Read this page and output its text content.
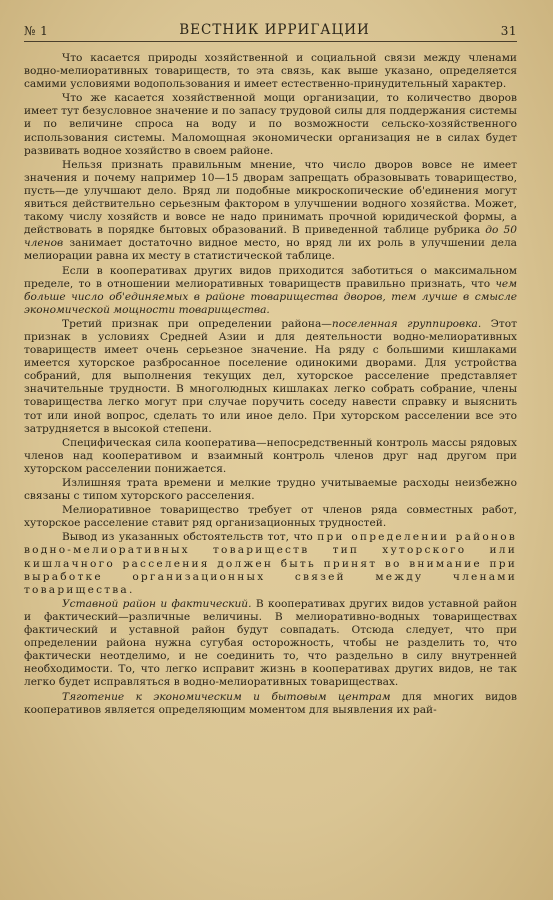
№ 1	ВЕСТНИК ИРРИГАЦИИ	31

Что касается природы хозяйственной и социальной связи между членами водно-мелиоративных товариществ, то эта связь, как выше указано, определяется самими условиями водопользования и имеет естественно-принудительный характер.

Что же касается хозяйственной мощи организации, то количество дворов имеет тут безусловное значение и по запасу трудовой силы для поддержания системы и по величине спроса на воду и по возможности сельско-хозяйственного использования системы. Маломощная экономически организация не в силах будет развивать водное хозяйство в своем районе.

Нельзя признать правильным мнение, что число дворов вовсе не имеет значения и почему например 10—15 дворам запрещать образовывать товарищество, пусть—де улучшают дело. Вряд ли подобные микроскопические об'единения могут явиться действительно серьезным фактором в улучшении водного хозяйства. Может, такому числу хозяйств и вовсе не надо принимать прочной юридической формы, а действовать в порядке бытовых образований. В приведенной таблице рубрика до 50 членов занимает достаточно видное место, но вряд ли их роль в улучшении дела мелиорации равна их месту в статистической таблице.

Если в кооперативах других видов приходится заботиться о максимальном пределе, то в отношении мелиоративных товариществ правильно признать, что чем больше число об'единяемых в районе товарищества дворов, тем лучше в смысле экономической мощности товарищества.

Третий признак при определении района—поселенная группировка. Этот признак в условиях Средней Азии и для деятельности водно-мелиоративных товариществ имеет очень серьезное значение. На ряду с большими кишлаками имеется хуторское разбросанное поселение одинокими дворами. Для устройства собраний, для выполнения текущих дел, хуторское расселение представляет значительные трудности. В многолюдных кишлаках легко собрать собрание, члены товарищества легко могут при случае поручить соседу навести справку и выяснить тот или иной вопрос, сделать то или иное дело. При хуторском расселении все это затрудняется в высокой степени.

Специфическая сила кооператива—непосредственный контроль массы рядовых членов над кооперативом и взаимный контроль членов друг над другом при хуторском расселении понижается.

Излишняя трата времени и мелкие трудно учитываемые расходы неизбежно связаны с типом хуторского расселения.

Мелиоративное товарищество требует от членов ряда совместных работ, хуторское расселение ставит ряд организационных трудностей.

Вывод из указанных обстоятельств тот, что при определении районов водно-мелиоративных товариществ тип хуторского или кишлачного расселения должен быть принят во внимание при выработке организационных связей между членами товарищества.

Уставной район и фактический. В кооперативах других видов уставной район и фактический—различные величины. В мелиоративно-водных товариществах фактический и уставной район будут совпадать. Отсюда следует, что при определении района нужна сугубая осторожность, чтобы не разделить то, что фактически неотделимо, и не соединить то, что раздельно в силу внутренней необходимости. То, что легко исправит жизнь в кооперативах других видов, не так легко будет исправляться в водно-мелиоративных товариществах.

Тяготение к экономическим и бытовым центрам для многих видов кооперативов является определяющим моментом для выявления их рай-
